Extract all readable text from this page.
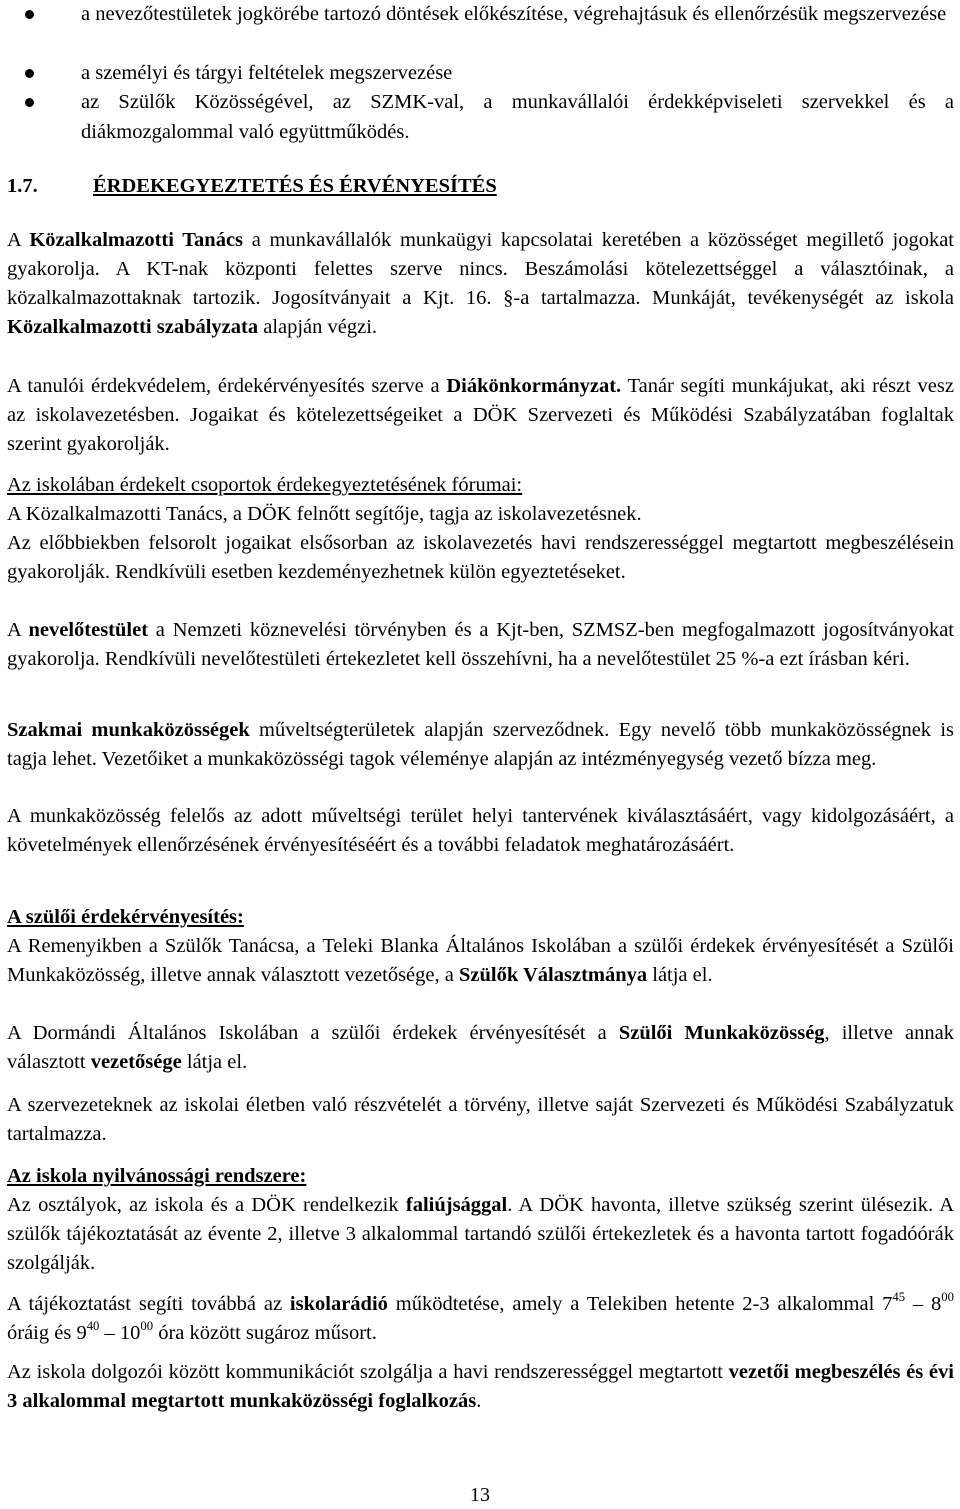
a nevezőtestületek jogkörébe tartozó döntések előkészítése, végrehajtásuk és ellenőrzésük megszervezése
a személyi és tárgyi feltételek megszervezése
az Szülők Közösségével, az SZMK-val, a munkavállalói érdekképviseleti szervekkel és a diákmozgalommal való együttműködés.
1.7.	ÉRDEKEGYEZTETÉS ÉS ÉRVÉNYESÍTÉS
A Közalkalmazotti Tanács a munkavállalók munkaügyi kapcsolatai keretében a közösséget megillető jogokat gyakorolja. A KT-nak központi felettes szerve nincs. Beszámolási kötelezettséggel a választóinak, a közalkalmazottaknak tartozik. Jogosítványait a Kjt. 16. §-a tartalmazza. Munkáját, tevékenységét az iskola Közalkalmazotti szabályzata alapján végzi.
A tanulói érdekvédelem, érdekérvényesítés szerve a Diákönkormányzat. Tanár segíti munkájukat, aki részt vesz az iskolavezetésben. Jogaikat és kötelezettségeiket a DÖK Szervezeti és Működési Szabályzatában foglaltak szerint gyakorolják.
Az iskolában érdekelt csoportok érdekegyeztetésének fórumai:
A Közalkalmazotti Tanács, a DÖK felnőtt segítője, tagja az iskolavezetésnek.
Az előbbiekben felsorolt jogaikat elsősorban az iskolavezetés havi rendszerességgel megtartott megbeszélésein gyakorolják. Rendkívüli esetben kezdeményezhetnek külön egyeztetéseket.
A nevelőtestület a Nemzeti köznevelési törvényben és a Kjt-ben, SZMSZ-ben megfogalmazott jogosítványokat gyakorolja. Rendkívüli nevelőtestületi értekezletet kell összehívni, ha a nevelőtestület 25 %-a ezt írásban kéri.
Szakmai munkaközösségek műveltségterületek alapján szerveződnek. Egy nevelő több munkaközösségnek is tagja lehet. Vezetőiket a munkaközösségi tagok véleménye alapján az intézményegység vezető bízza meg.
A munkaközösség felelős az adott műveltségi terület helyi tantervének kiválasztásáért, vagy kidolgozásáért, a követelmények ellenőrzésének érvényesítéséért és a további feladatok meghatározásáért.
A szülői érdekérvényesítés:
A Remenyikben a Szülők Tanácsa, a Teleki Blanka Általános Iskolában a szülői érdekek érvényesítését a Szülői Munkaközösség, illetve annak választott vezetősége, a Szülők Választmánya látja el.
A Dormándi Általános Iskolában a szülői érdekek érvényesítését a Szülői Munkaközösség, illetve annak választott vezetősége látja el.
A szervezeteknek az iskolai életben való részvételét a törvény, illetve saját Szervezeti és Működési Szabályzatuk tartalmazza.
Az iskola nyilvánossági rendszere:
Az osztályok, az iskola és a DÖK rendelkezik faliújsággal. A DÖK havonta, illetve szükség szerint ülésezik. A szülők tájékoztatását az évente 2, illetve 3 alkalommal tartandó szülői értekezletek és a havonta tartott fogadóórák szolgálják.
A tájékoztatást segíti továbbá az iskolarádió működtetése, amely a Telekiben hetente 2-3 alkalommal $7^{45} - 8^{00}$ óráig és $9^{40} - 10^{00}$ óra között sugároz műsort.
Az iskola dolgozói között kommunikációt szolgálja a havi rendszerességgel megtartott vezetői megbeszélés és évi 3 alkalommal megtartott munkaközösségi foglalkozás.
13
